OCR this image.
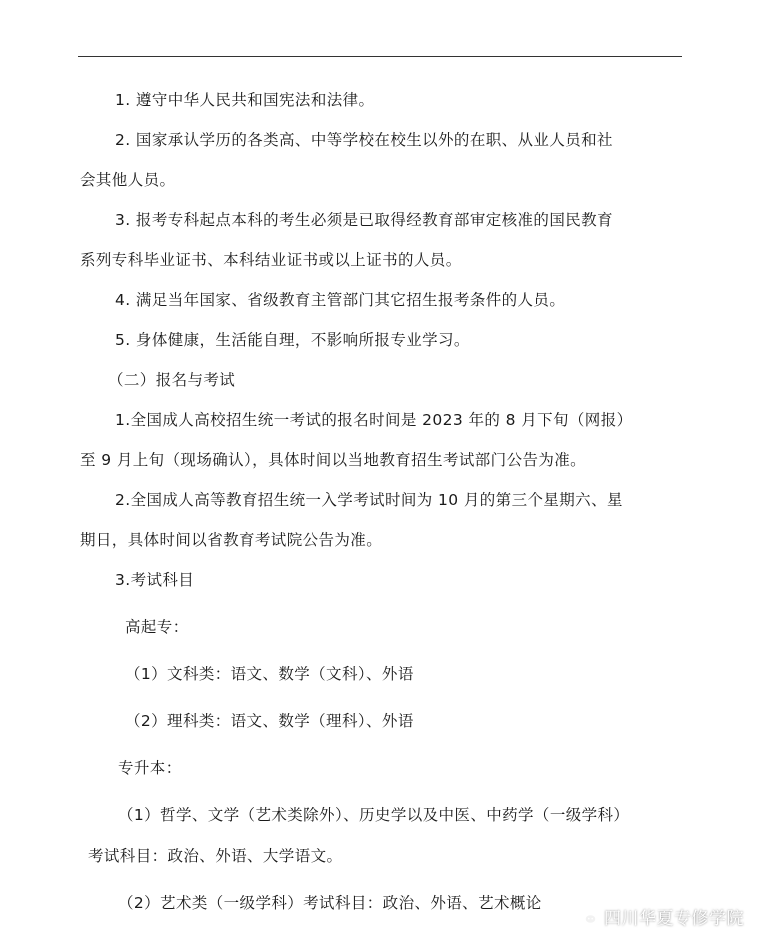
1. 遵守中华人民共和国宪法和法律。
2. 国家承认学历的各类高、中等学校在校生以外的在职、从业人员和社
会其他人员。
3. 报考专科起点本科的考生必须是已取得经教育部审定核准的国民教育
系列专科毕业证书、本科结业证书或以上证书的人员。
4. 满足当年国家、省级教育主管部门其它招生报考条件的人员。
5. 身体健康，生活能自理，不影响所报专业学习。
（二）报名与考试
1.全国成人高校招生统一考试的报名时间是 2023 年的 8 月下旬（网报）
至 9 月上旬（现场确认），具体时间以当地教育招生考试部门公告为准。
2.全国成人高等教育招生统一入学考试时间为 10 月的第三个星期六、星
期日，具体时间以省教育考试院公告为准。
3.考试科目
高起专：
（1）文科类：语文、数学（文科）、外语
（2）理科类：语文、数学（理科）、外语
专升本：
（1）哲学、文学（艺术类除外）、历史学以及中医、中药学（一级学科）
考试科目：政治、外语、大学语文。
（2）艺术类（一级学科）考试科目：政治、外语、艺术概论
四川华夏专修学院
